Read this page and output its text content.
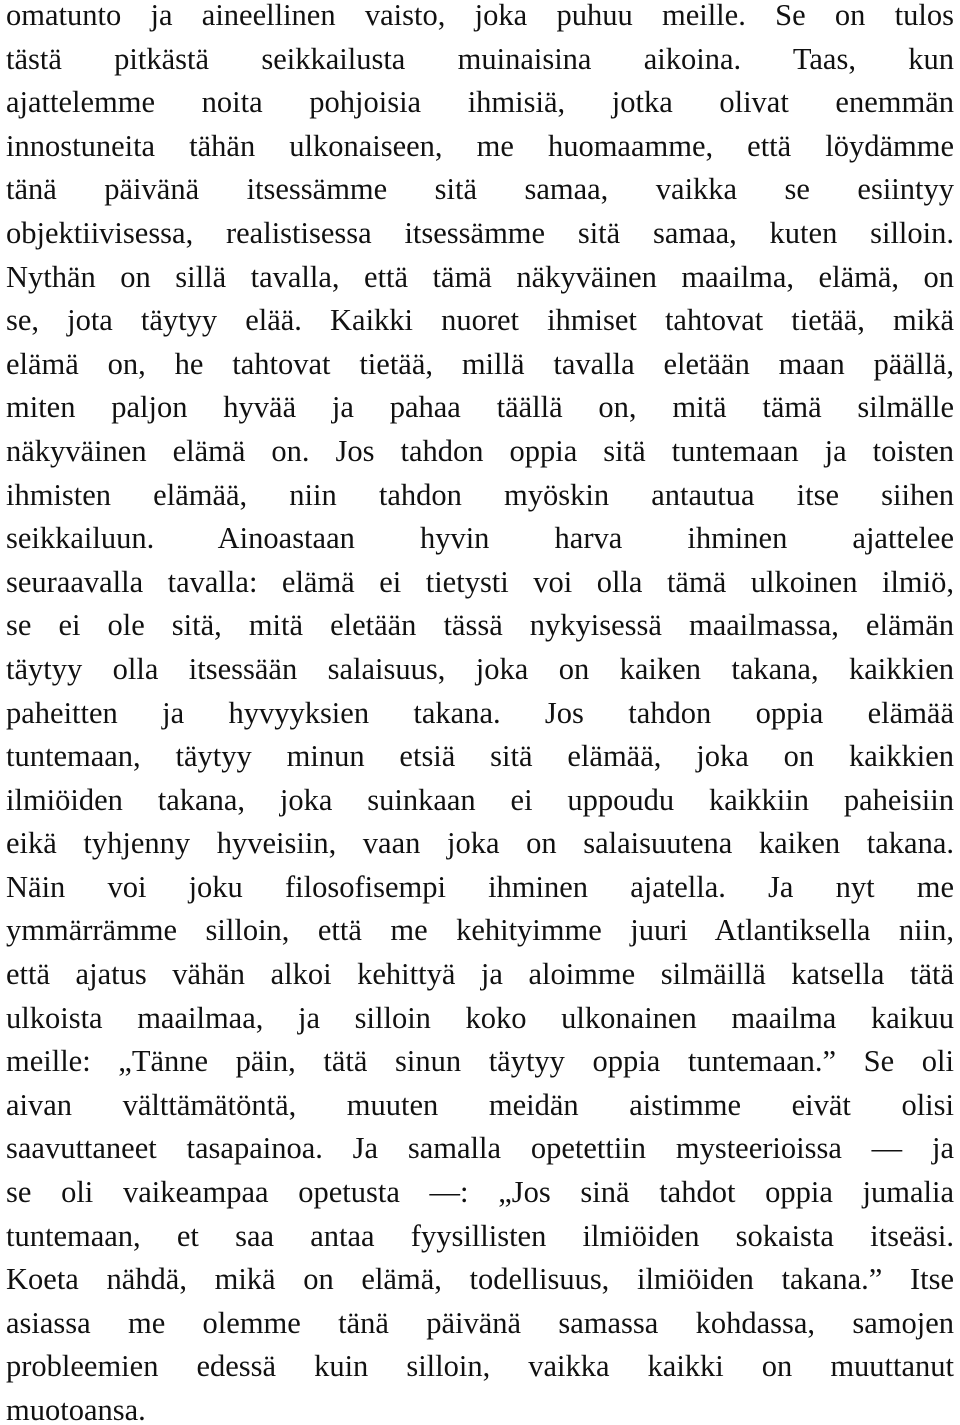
omatunto ja aineellinen vaisto, joka puhuu meille. Se on tulos
tästä pitkästä seikkailusta muinaisina aikoina. Taas, kun
ajattelemme noita pohjoisia ihmisiä, jotka olivat enemmän
innostuneita tähän ulkonaiseen, me huomaamme, että löydämme
tänä päivänä itsessämme sitä samaa, vaikka se esiintyy
objektiivisessa, realistisessa itsessämme sitä samaa, kuten silloin.
Nythän on sillä tavalla, että tämä näkyväinen maailma, elämä, on
se, jota täytyy elää. Kaikki nuoret ihmiset tahtovat tietää, mikä
elämä on, he tahtovat tietää, millä tavalla eletään maan päällä,
miten paljon hyvää ja pahaa täällä on, mitä tämä silmälle
näkyväinen elämä on. Jos tahdon oppia sitä tuntemaan ja toisten
ihmisten elämää, niin tahdon myöskin antautua itse siihen
seikkailuun. Ainoastaan hyvin harva ihminen ajattelee
seuraavalla tavalla: elämä ei tietysti voi olla tämä ulkoinen ilmiö,
se ei ole sitä, mitä eletään tässä nykyisessä maailmassa, elämän
täytyy olla itsessään salaisuus, joka on kaiken takana, kaikkien
paheitten ja hyvyyksien takana. Jos tahdon oppia elämää
tuntemaan, täytyy minun etsiä sitä elämää, joka on kaikkien
ilmiöiden takana, joka suinkaan ei uppoudu kaikkiin paheisiin
eikä tyhjenny hyveisiin, vaan joka on salaisuutena kaiken takana.
Näin voi joku filosofisempi ihminen ajatella. Ja nyt me
ymmärrämme silloin, että me kehityimme juuri Atlantiksella niin,
että ajatus vähän alkoi kehittyä ja aloimme silmäillä katsella tätä
ulkoista maailmaa, ja silloin koko ulkonainen maailma kaikuu
meille: „Tänne päin, tätä sinun täytyy oppia tuntemaan.” Se oli
aivan välttämätöntä, muuten meidän aistimme eivät olisi
saavuttaneet tasapainoa. Ja samalla opetettiin mysteerioissa — ja
se oli vaikeampaa opetusta —: „Jos sinä tahdot oppia jumalia
tuntemaan, et saa antaa fyysillisten ilmiöiden sokaista itseäsi.
Koeta nähdä, mikä on elämä, todellisuus, ilmiöiden takana.” Itse
asiassa me olemme tänä päivänä samassa kohdassa, samojen
probleemien edessä kuin silloin, vaikka kaikki on muuttanut
muotoansa.
